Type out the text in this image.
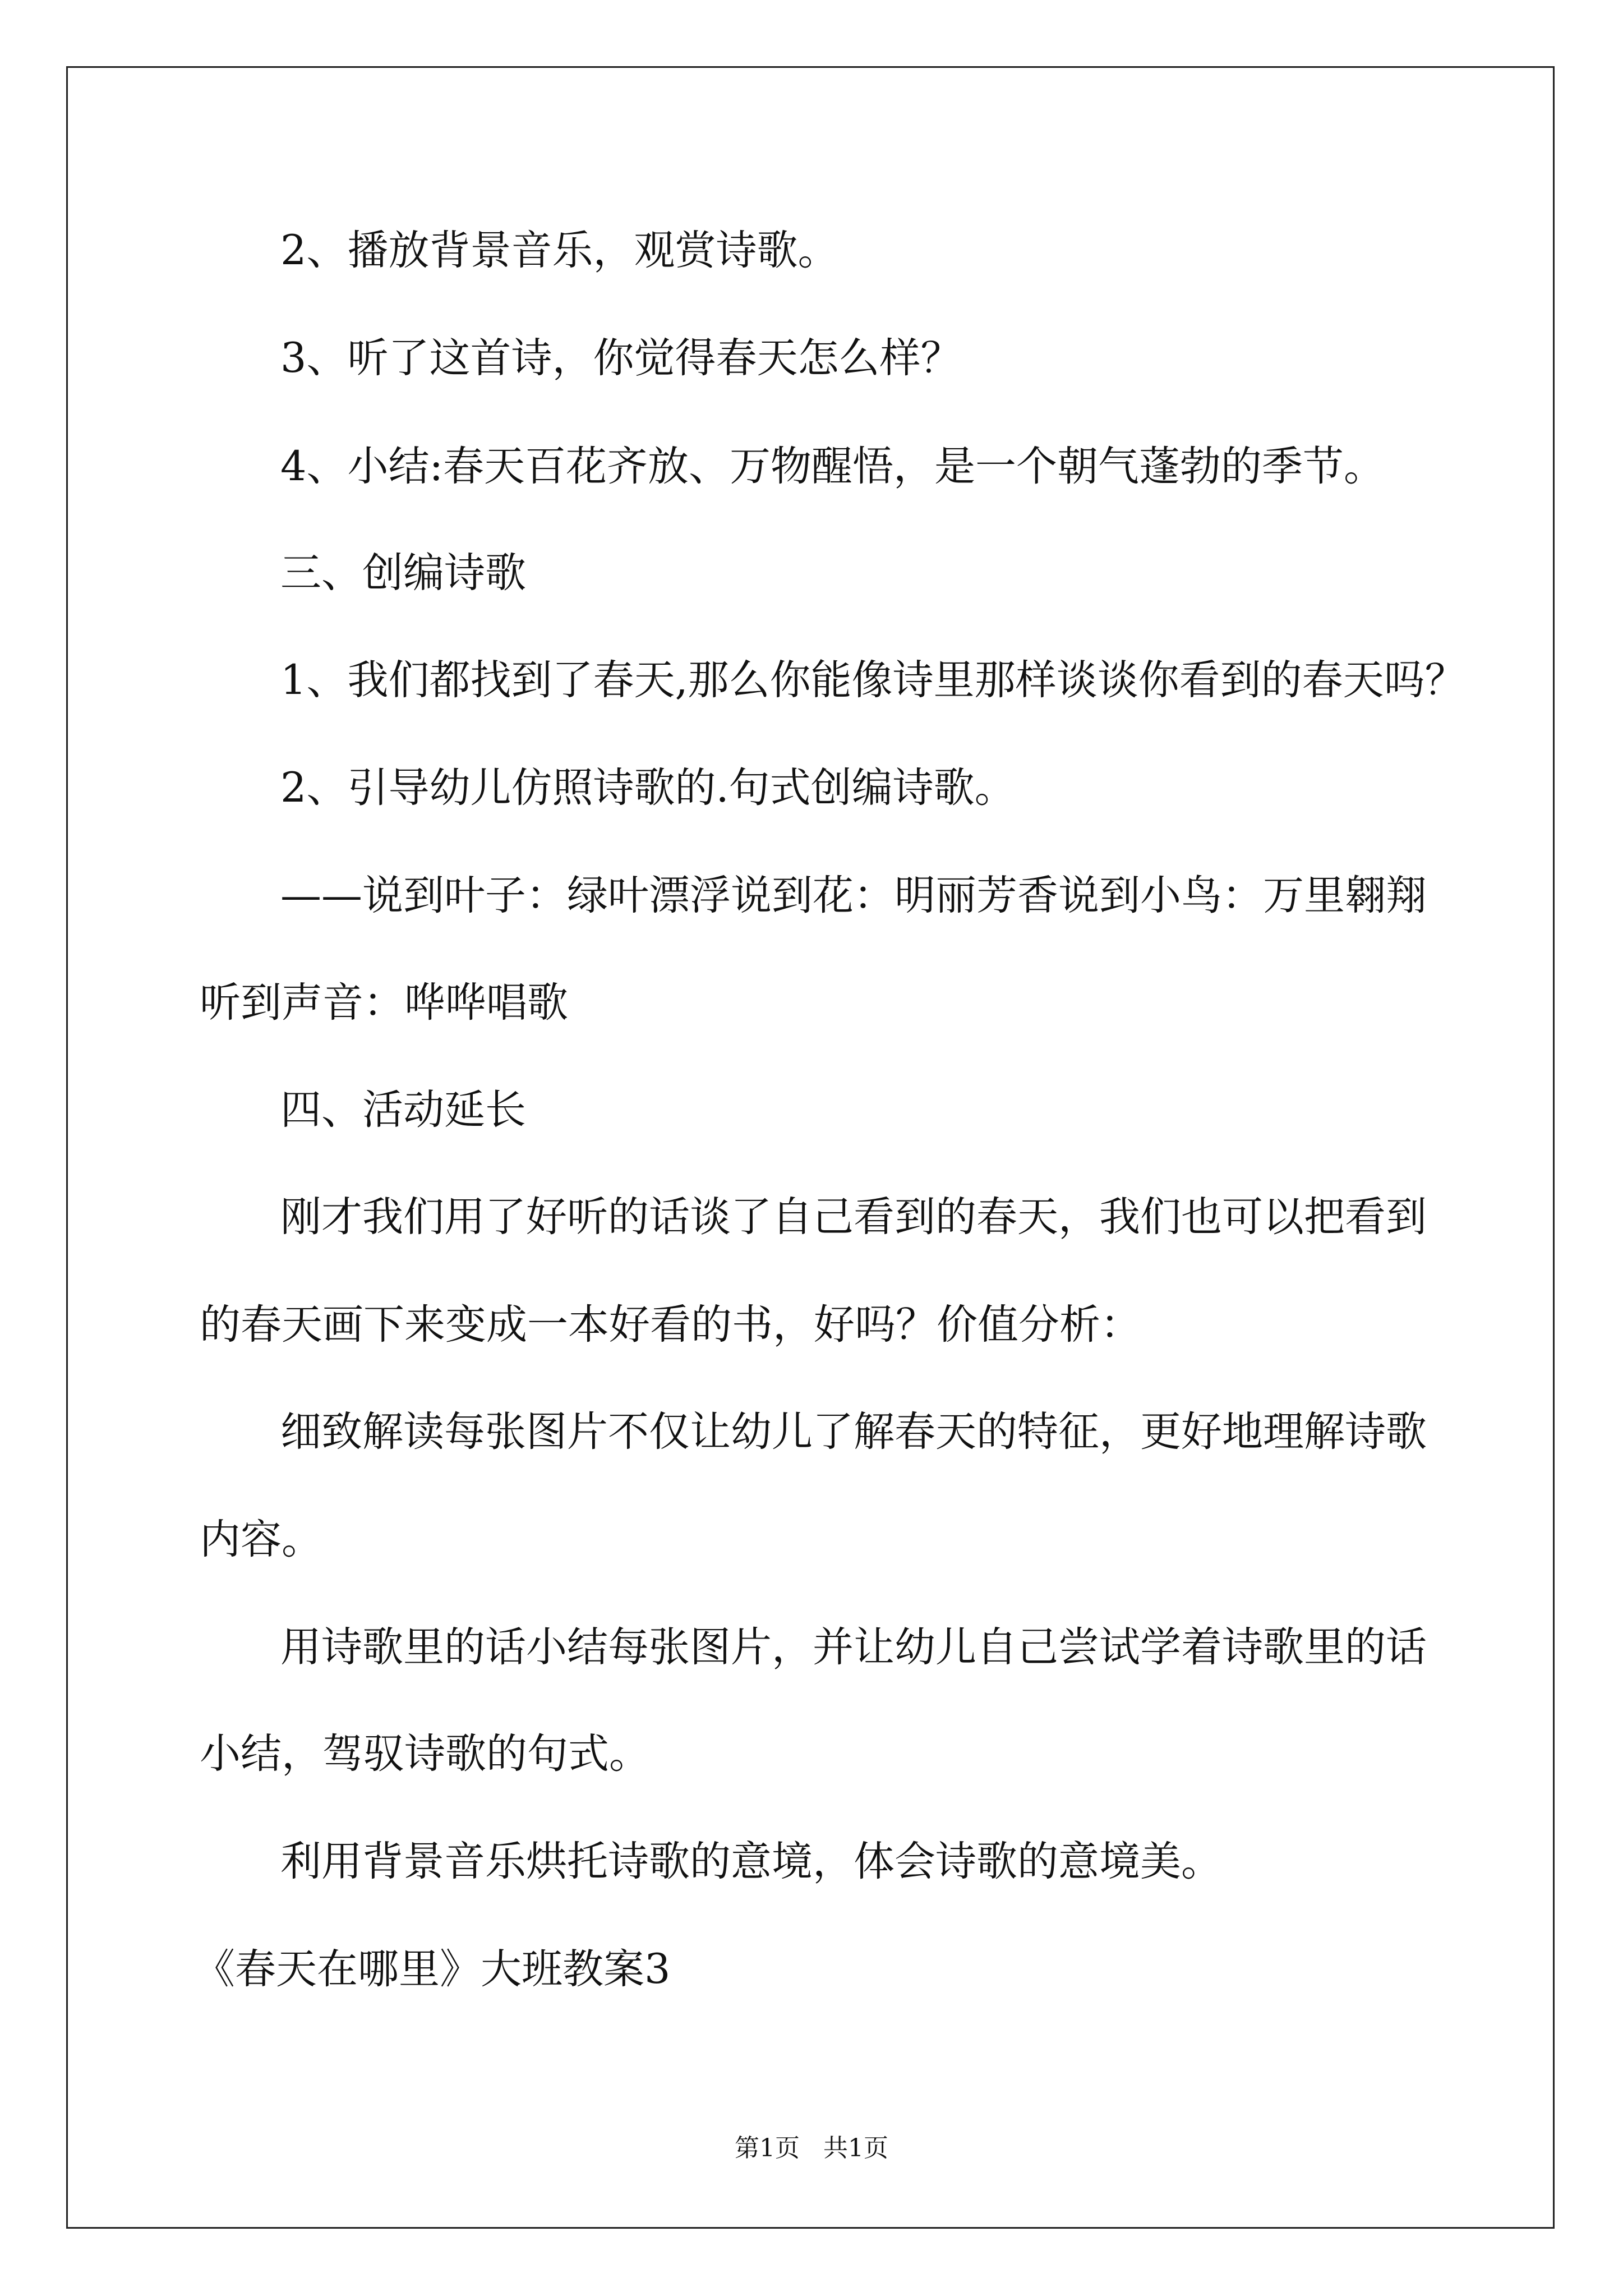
2、播放背景音乐，观赏诗歌。
3、听了这首诗，你觉得春天怎么样？
4、小结:春天百花齐放、万物醒悟，是一个朝气蓬勃的季节。
三、创编诗歌
1、我们都找到了春天,那么你能像诗里那样谈谈你看到的春天吗？
2、引导幼儿仿照诗歌的.句式创编诗歌。
——说到叶子：绿叶漂浮说到花：明丽芳香说到小鸟：万里翱翔
听到声音：哗哗唱歌
四、活动延长
刚才我们用了好听的话谈了自己看到的春天，我们也可以把看到
的春天画下来变成一本好看的书，好吗？价值分析：
细致解读每张图片不仅让幼儿了解春天的特征，更好地理解诗歌
内容。
用诗歌里的话小结每张图片，并让幼儿自己尝试学着诗歌里的话
小结，驾驭诗歌的句式。
利用背景音乐烘托诗歌的意境，体会诗歌的意境美。
《春天在哪里》大班教案3
第1页   共1页
